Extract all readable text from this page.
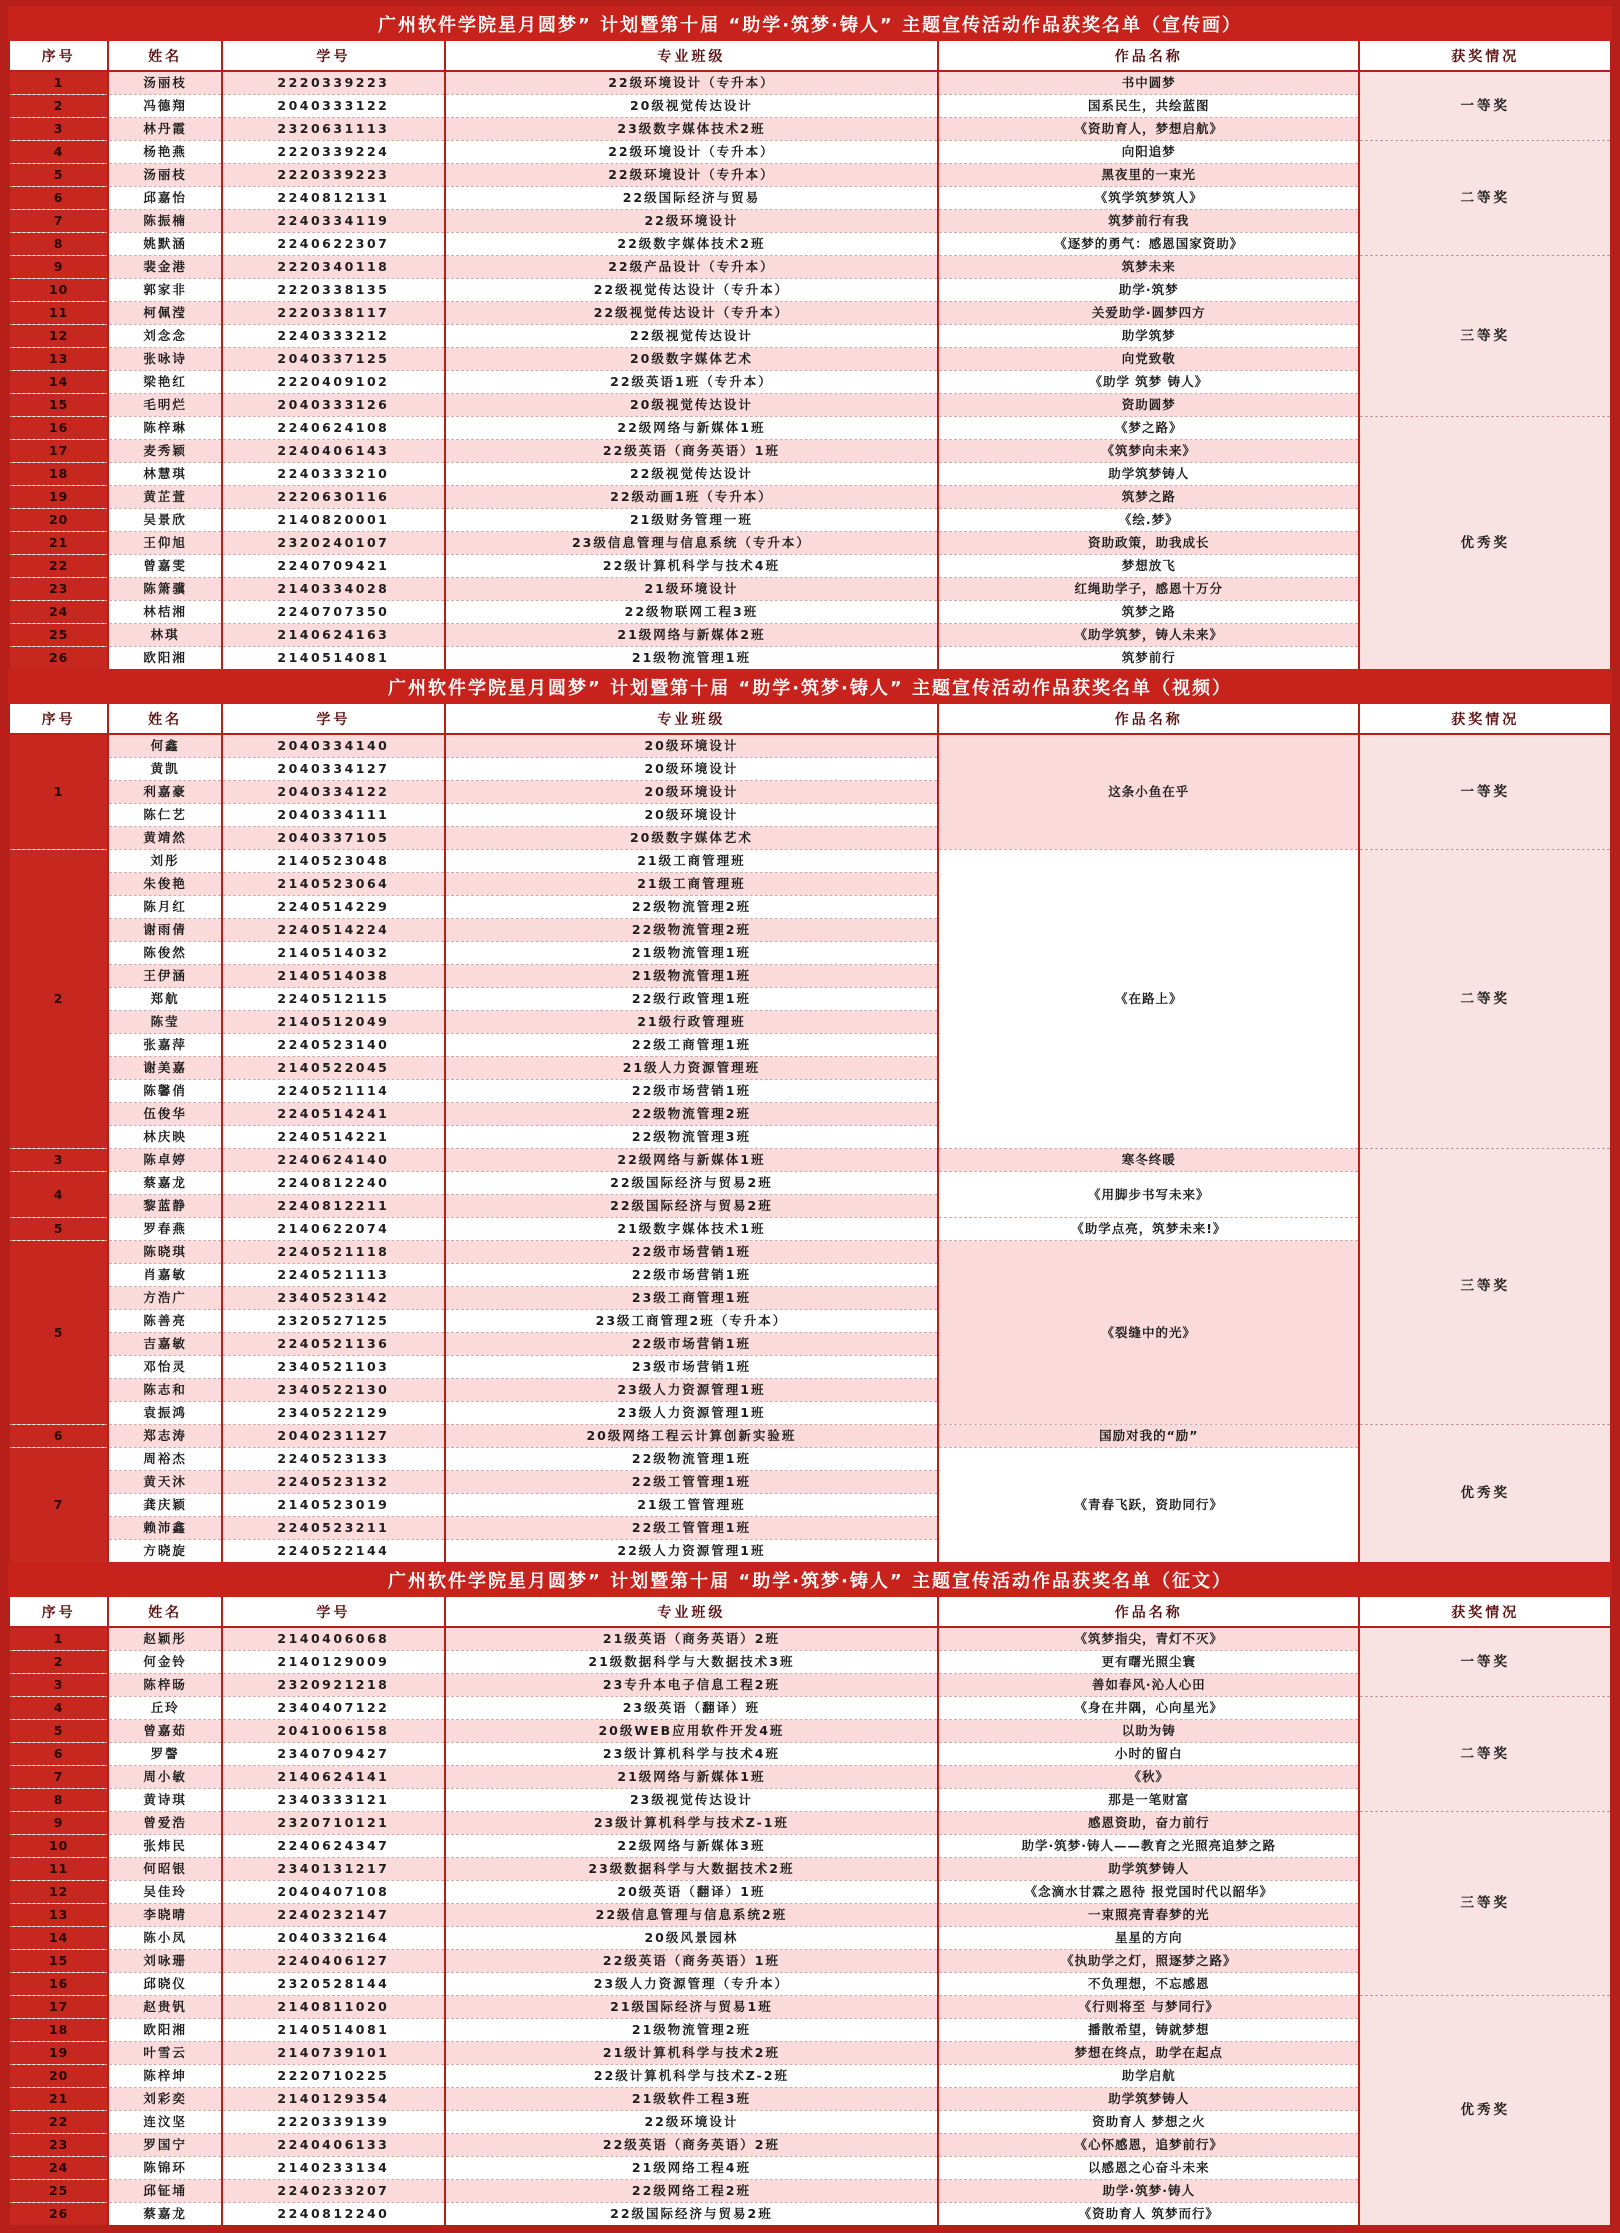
广州软件学院星月圆梦” 计划暨第十届 “助学·筑梦·铸人” 主题宣传活动作品获奖名单（宣传画）
序号	姓名	学号	专业班级	作品名称	获奖情况
1	汤丽枝	2220339223	22级环境设计（专升本）	书中圆梦	一等奖
2	冯德翔	2040333122	20级视觉传达设计	国系民生，共绘蓝图	
3	林丹霞	2320631113	23级数字媒体技术2班	《资助育人，梦想启航》	
4	杨艳燕	2220339224	22级环境设计（专升本）	向阳追梦	二等奖
5	汤丽枝	2220339223	22级环境设计（专升本）	黑夜里的一束光	
6	邱嘉怡	2240812131	22级国际经济与贸易	《筑学筑梦筑人》	
7	陈振楠	2240334119	22级环境设计	筑梦前行有我	
8	姚默涵	2240622307	22级数字媒体技术2班	《逐梦的勇气：感恩国家资助》	
9	裴金港	2220340118	22级产品设计（专升本）	筑梦未来	三等奖
10	郭家非	2220338135	22级视觉传达设计（专升本）	助学·筑梦	
11	柯佩滢	2220338117	22级视觉传达设计（专升本）	关爱助学·圆梦四方	
12	刘念念	2240333212	22级视觉传达设计	助学筑梦	
13	张咏诗	2040337125	20级数字媒体艺术	向党致敬	
14	梁艳红	2220409102	22级英语1班（专升本）	《助学 筑梦 铸人》	
15	毛明烂	2040333126	20级视觉传达设计	资助圆梦	
16	陈梓琳	2240624108	22级网络与新媒体1班	《梦之路》	优秀奖
17	麦秀颖	2240406143	22级英语（商务英语）1班	《筑梦向未来》	
18	林慧琪	2240333210	22级视觉传达设计	助学筑梦铸人	
19	黄芷萱	2220630116	22级动画1班（专升本）	筑梦之路	
20	吴景欣	2140820001	21级财务管理一班	《绘.梦》	
21	王仰旭	2320240107	23级信息管理与信息系统（专升本）	资助政策，助我成长	
22	曾嘉雯	2240709421	22级计算机科学与技术4班	梦想放飞	
23	陈箫骥	2140334028	21级环境设计	红绳助学子，感恩十万分	
24	林桔湘	2240707350	22级物联网工程3班	筑梦之路	
25	林琪	2140624163	21级网络与新媒体2班	《助学筑梦，铸人未来》	
26	欧阳湘	2140514081	21级物流管理1班	筑梦前行	
广州软件学院星月圆梦” 计划暨第十届 “助学·筑梦·铸人” 主题宣传活动作品获奖名单（视频）
序号	姓名	学号	专业班级	作品名称	获奖情况
1	何鑫	2040334140	20级环境设计	这条小鱼在乎	一等奖
	黄凯	2040334127	20级环境设计		
	利嘉豪	2040334122	20级环境设计		
	陈仁艺	2040334111	20级环境设计		
	黄靖然	2040337105	20级数字媒体艺术		
2	刘彤	2140523048	21级工商管理班	《在路上》	二等奖
	朱俊艳	2140523064	21级工商管理班		
	陈月红	2240514229	22级物流管理2班		
	谢雨倩	2240514224	22级物流管理2班		
	陈俊然	2140514032	21级物流管理1班		
	王伊涵	2140514038	21级物流管理1班		
	郑航	2240512115	22级行政管理1班		
	陈莹	2140512049	21级行政管理班		
	张嘉萍	2240523140	22级工商管理1班		
	谢美嘉	2140522045	21级人力资源管理班		
	陈馨俏	2240521114	22级市场营销1班		
	伍俊华	2240514241	22级物流管理2班		
	林庆映	2240514221	22级物流管理3班		
3	陈卓婷	2240624140	22级网络与新媒体1班	寒冬终暖	三等奖
4	蔡嘉龙	2240812240	22级国际经济与贸易2班	《用脚步书写未来》	
	黎蓝静	2240812211	22级国际经济与贸易2班		
5	罗春燕	2140622074	21级数字媒体技术1班	《助学点亮，筑梦未来!》	
5	陈晓琪	2240521118	22级市场营销1班	《裂缝中的光》	
	肖嘉敏	2240521113	22级市场营销1班		
	方浩广	2340523142	23级工商管理1班		
	陈善亮	2320527125	23级工商管理2班（专升本）		
	吉嘉敏	2240521136	22级市场营销1班		
	邓怡灵	2340521103	23级市场营销1班		
	陈志和	2340522130	23级人力资源管理1班		
	袁振鸿	2340522129	23级人力资源管理1班		
6	郑志涛	2040231127	20级网络工程云计算创新实验班	国励对我的“励”	优秀奖
7	周裕杰	2240523133	22级物流管理1班	《青春飞跃，资助同行》	
	黄天沐	2240523132	22级工管管理1班		
	龚庆颖	2140523019	21级工管管理班		
	赖沛鑫	2240523211	22级工管管理1班		
	方晓旋	2240522144	22级人力资源管理1班		
广州软件学院星月圆梦” 计划暨第十届 “助学·筑梦·铸人” 主题宣传活动作品获奖名单（征文）
序号	姓名	学号	专业班级	作品名称	获奖情况
1	赵颖彤	2140406068	21级英语（商务英语）2班	《筑梦指尖，青灯不灭》	一等奖
2	何金铃	2140129009	21级数据科学与大数据技术3班	更有曙光照尘寰	
3	陈梓旸	2320921218	23专升本电子信息工程2班	善如春风·沁人心田	
4	丘玲	2340407122	23级英语（翻译）班	《身在井隅，心向星光》	二等奖
5	曾嘉茹	2041006158	20级WEB应用软件开发4班	以助为铸	
6	罗謦	2340709427	23级计算机科学与技术4班	小时的留白	
7	周小敏	2140624141	21级网络与新媒体1班	《秋》	
8	黄诗琪	2340333121	23级视觉传达设计	那是一笔财富	
9	曾爱浩	2320710121	23级计算机科学与技术Z-1班	感恩资助，奋力前行	三等奖
10	张炜民	2240624347	22级网络与新媒体3班	助学·筑梦·铸人——教育之光照亮追梦之路	
11	何昭银	2340131217	23级数据科学与大数据技术2班	助学筑梦铸人	
12	吴佳玲	2040407108	20级英语（翻译）1班	《念滴水甘霖之恩待 报党国时代以韶华》	
13	李晓晴	2240232147	22级信息管理与信息系统2班	一束照亮青春梦的光	
14	陈小凤	2040332164	20级风景园林	星星的方向	
15	刘咏珊	2240406127	22级英语（商务英语）1班	《执助学之灯，照逐梦之路》	
16	邱晓仪	2320528144	23级人力资源管理（专升本）	不负理想，不忘感恩	
17	赵贵钒	2140811020	21级国际经济与贸易1班	《行则将至 与梦同行》	优秀奖
18	欧阳湘	2140514081	21级物流管理2班	播散希望，铸就梦想	
19	叶雪云	2140739101	21级计算机科学与技术2班	梦想在终点，助学在起点	
20	陈梓坤	2220710225	22级计算机科学与技术Z-2班	助学启航	
21	刘彩奕	2140129354	21级软件工程3班	助学筑梦铸人	
22	连汶坚	2220339139	22级环境设计	资助育人 梦想之火	
23	罗国宁	2240406133	22级英语（商务英语）2班	《心怀感恩，追梦前行》	
24	陈锦环	2140233134	21级网络工程4班	以感恩之心奋斗未来	
25	邱钲埇	2240233207	22级网络工程2班	助学·筑梦·铸人	
26	蔡嘉龙	2240812240	22级国际经济与贸易2班	《资助育人 筑梦而行》	
